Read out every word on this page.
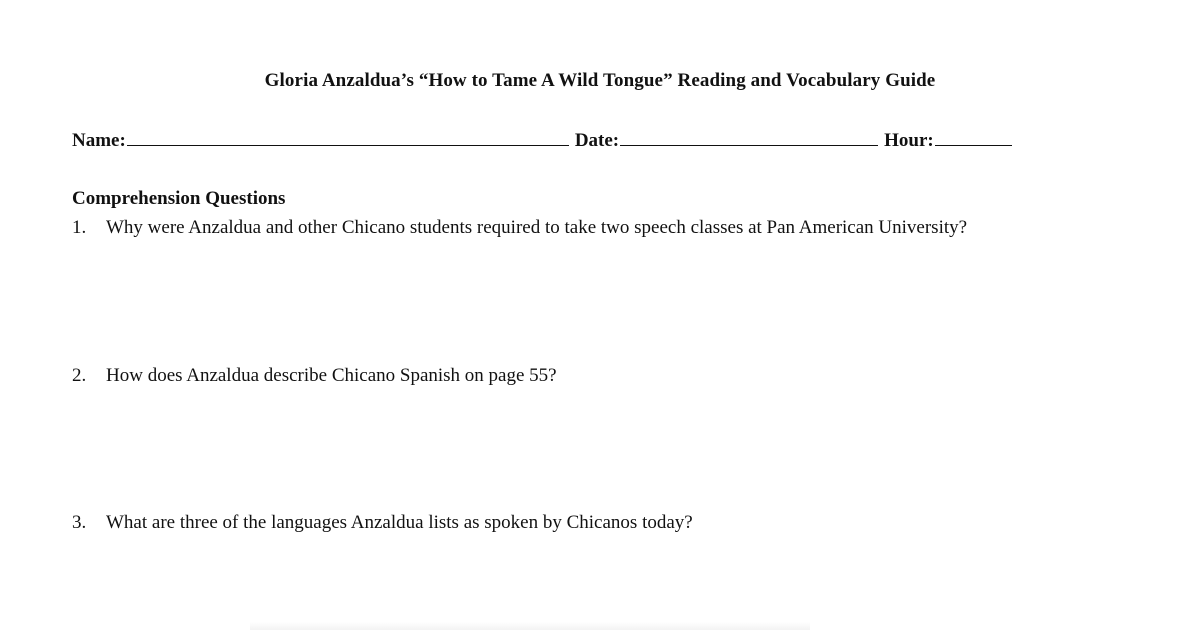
Gloria Anzaldua’s “How to Tame A Wild Tongue” Reading and Vocabulary Guide
Name:	Date:	Hour:
Comprehension Questions
1.	Why were Anzaldua and other Chicano students required to take two speech classes at Pan American University?
2.	How does Anzaldua describe Chicano Spanish on page 55?
3.	What are three of the languages Anzaldua lists as spoken by Chicanos today?
